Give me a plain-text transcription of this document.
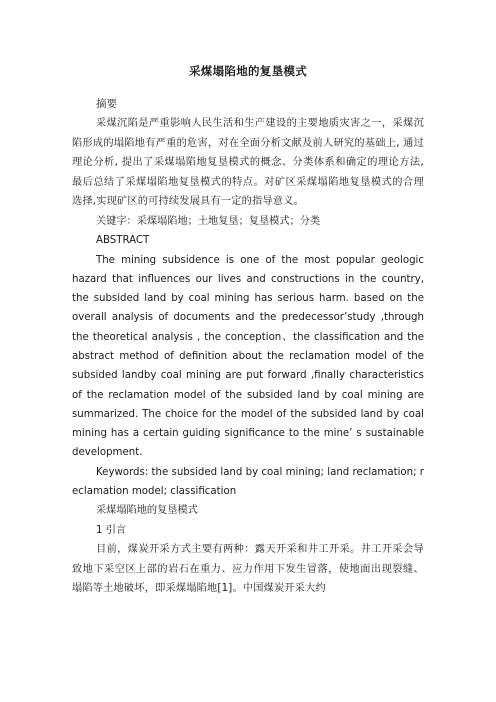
采煤塌陷地的复垦模式

摘要

采煤沉陷是严重影响人民生活和生产建设的主要地质灾害之一，采煤沉陷形成的塌陷地有严重的危害，对在全面分析文献及前人研究的基础上, 通过理论分析, 提出了采煤塌陷地复垦模式的概念、分类体系和确定的理论方法,最后总结了采煤塌陷地复垦模式的特点。对矿区采煤塌陷地复垦模式的合理选择,实现矿区的可持续发展具有一定的指导意义。

关键字：采煤塌陷地；土地复垦；复垦模式；分类

ABSTRACT

The mining subsidence is one of the most popular geologic hazard that influences our lives and constructions in the country, the subsided land by coal mining has serious harm. based on the overall analysis of documents and the predecessor’study ,through the theoretical analysis , the conception、the classification and the abstract method of definition about the reclamation model of the subsided landby coal mining are put forward ,finally characteristics of the reclamation model of the subsided land by coal mining are summarized. The choice for the model of the subsided land by coal mining has a certain guiding significance to the mine’ s sustainable development.

Keywords: the subsided land by coal mining; land reclamation; r eclamation model; classification

采煤塌陷地的复垦模式

1 引言

目前，煤炭开采方式主要有两种：露天开采和井工开采。井工开采会导致地下采空区上部的岩石在重力、应力作用下发生冒落，使地面出现裂缝、塌陷等土地破坏，即采煤塌陷地[1]。中国煤炭开采大约
